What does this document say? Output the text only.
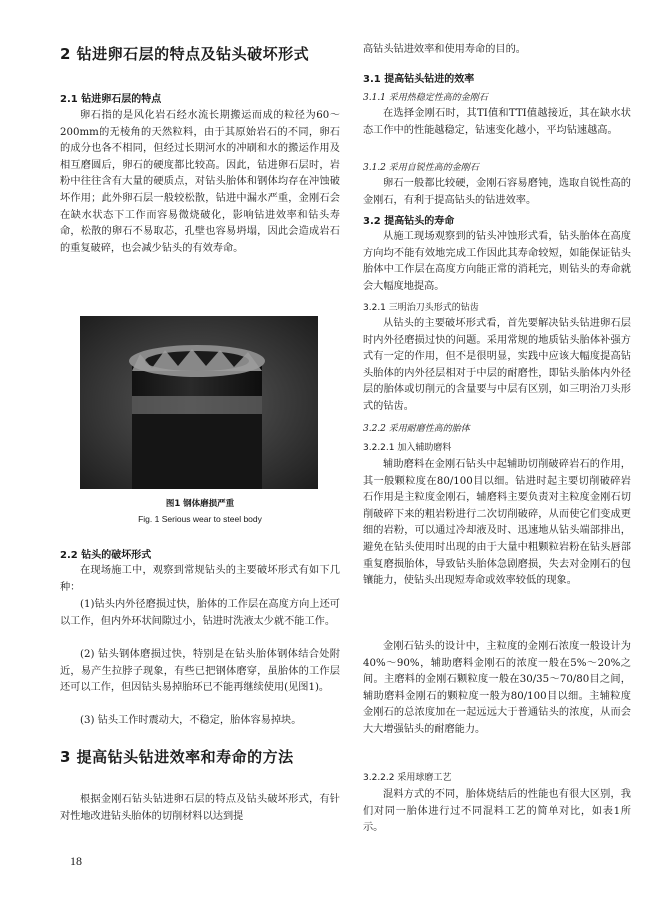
2 钻进卵石层的特点及钻头破坏形式
2.1 钻进卵石层的特点
卵石指的是风化岩石经水流长期搬运而成的粒径为60～200mm的无棱角的天然粒料，由于其原始岩石的不同，卵石的成分也各不相同，但经过长期河水的冲刷和水的搬运作用及相互磨圆后，卵石的硬度都比较高。因此，钻进卵石层时，岩粉中往往含有大量的硬质点，对钻头胎体和钢体均存在冲蚀破坏作用；此外卵石层一般较松散，钻进中漏水严重，金刚石会在缺水状态下工作而容易微烧破化，影响钻进效率和钻头寿命，松散的卵石不易取芯，孔壁也容易坍塌，因此会造成岩石的重复破碎，也会减少钻头的有效寿命。
图1 钢体磨损严重
Fig. 1 Serious wear to steel body
2.2 钻头的破坏形式
在现场施工中，观察到常规钻头的主要破坏形式有如下几种：
(1)钻头内外径磨损过快，胎体的工作层在高度方向上还可以工作，但内外环状间隙过小，钻进时洗液太少就不能工作。
(2) 钻头钢体磨损过快，特别是在钻头胎体钢体结合处附近，易产生拉脖子现象，有些已把钢体磨穿，虽胎体的工作层还可以工作，但因钻头易掉胎环已不能再继续使用(见图1)。
(3) 钻头工作时震动大，不稳定，胎体容易掉块。
3 提高钻头钻进效率和寿命的方法
根据金刚石钻头钻进卵石层的特点及钻头破坏形式，有针对性地改进钻头胎体的切削材料以达到提
高钻头钻进效率和使用寿命的目的。
3.1 提高钻头钻进的效率
3.1.1 采用热稳定性高的金刚石
在选择金刚石时，其TI值和TTI值越接近，其在缺水状态工作中的性能越稳定，钻速变化越小，平均钻速越高。
3.1.2 采用自锐性高的金刚石
卵石一般都比较硬，金刚石容易磨钝，选取自锐性高的金刚石，有利于提高钻头的钻进效率。
3.2 提高钻头的寿命
从施工现场观察到的钻头冲蚀形式看，钻头胎体在高度方向均不能有效地完成工作因此其寿命较短，如能保证钻头胎体中工作层在高度方向能正常的消耗完，则钻头的寿命就会大幅度地提高。
3.2.1 三明治刀头形式的钻齿
从钻头的主要破坏形式看，首先要解决钻头钻进卵石层时内外径磨损过快的问题。采用常规的地质钻头胎体补强方式有一定的作用，但不是很明显，实践中应该大幅度提高钻头胎体的内外径层相对于中层的耐磨性，即钻头胎体内外径层的胎体或切削元的含量要与中层有区别，如三明治刀头形式的钻齿。
3.2.2 采用耐磨性高的胎体
3.2.2.1 加入辅助磨料
辅助磨料在金刚石钻头中起辅助切削破碎岩石的作用，其一般颗粒度在80/100目以细。钻进时起主要切削破碎岩石作用是主粒度金刚石，辅磨料主要负责对主粒度金刚石切削破碎下来的粗岩粉进行二次切削破碎，从而使它们变成更细的岩粉，可以通过冷却液及时、迅速地从钻头端部排出，避免在钻头使用时出现的由于大量中粗颗粒岩粉在钻头唇部重复磨损胎体，导致钻头胎体急剧磨损，失去对金刚石的包镶能力，使钻头出现短寿命或效率较低的现象。
金刚石钻头的设计中，主粒度的金刚石浓度一般设计为40%～90%，辅助磨料金刚石的浓度一般在5%～20%之间。主磨料的金刚石颗粒度一般在30/35～70/80目之间，辅助磨料金刚石的颗粒度一般为80/100目以细。主辅粒度金刚石的总浓度加在一起远远大于普通钻头的浓度，从而会大大增强钻头的耐磨能力。
3.2.2.2 采用球磨工艺
混料方式的不同，胎体烧结后的性能也有很大区别，我们对同一胎体进行过不同混料工艺的简单对比，如表1所示。
18
